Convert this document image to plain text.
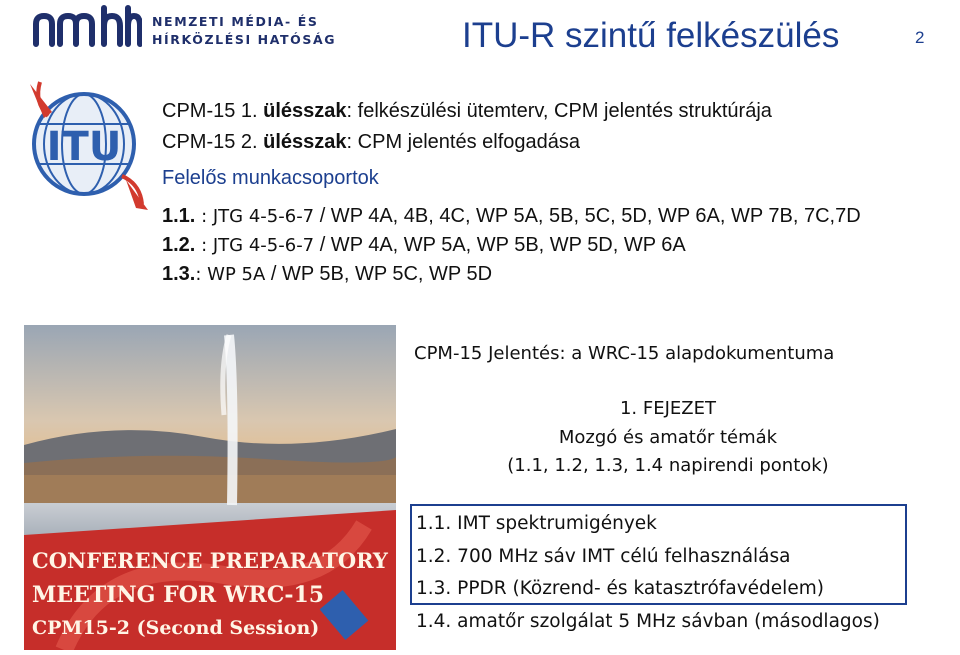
NEMZETI MÉDIA- ÉS
HÍRKÖZLÉSI HATÓSÁG	ITU-R szintű felkészülés	2
ITU
CPM-15 1. ülésszak: felkészülési ütemterv, CPM jelentés struktúrája
CPM-15 2. ülésszak: CPM jelentés elfogadása
Felelős munkacsoportok
1.1. : JTG 4-5-6-7 / WP 4A, 4B, 4C, WP 5A, 5B, 5C, 5D, WP 6A, WP 7B, 7C,7D
1.2. : JTG 4-5-6-7 / WP 4A, WP 5A, WP 5B, WP 5D, WP 6A
1.3.: WP 5A / WP 5B, WP 5C, WP 5D
CONFERENCE PREPARATORY
MEETING FOR WRC-15
CPM15-2 (Second Session)
CPM-15 Jelentés: a WRC-15 alapdokumentuma
1. FEJEZET
Mozgó és amatőr témák
(1.1, 1.2, 1.3, 1.4 napirendi pontok)
1.1. IMT spektrumigények
1.2. 700 MHz sáv IMT célú felhasználása
1.3. PPDR (Közrend- és katasztrófavédelem)
1.4. amatőr szolgálat 5 MHz sávban (másodlagos)
